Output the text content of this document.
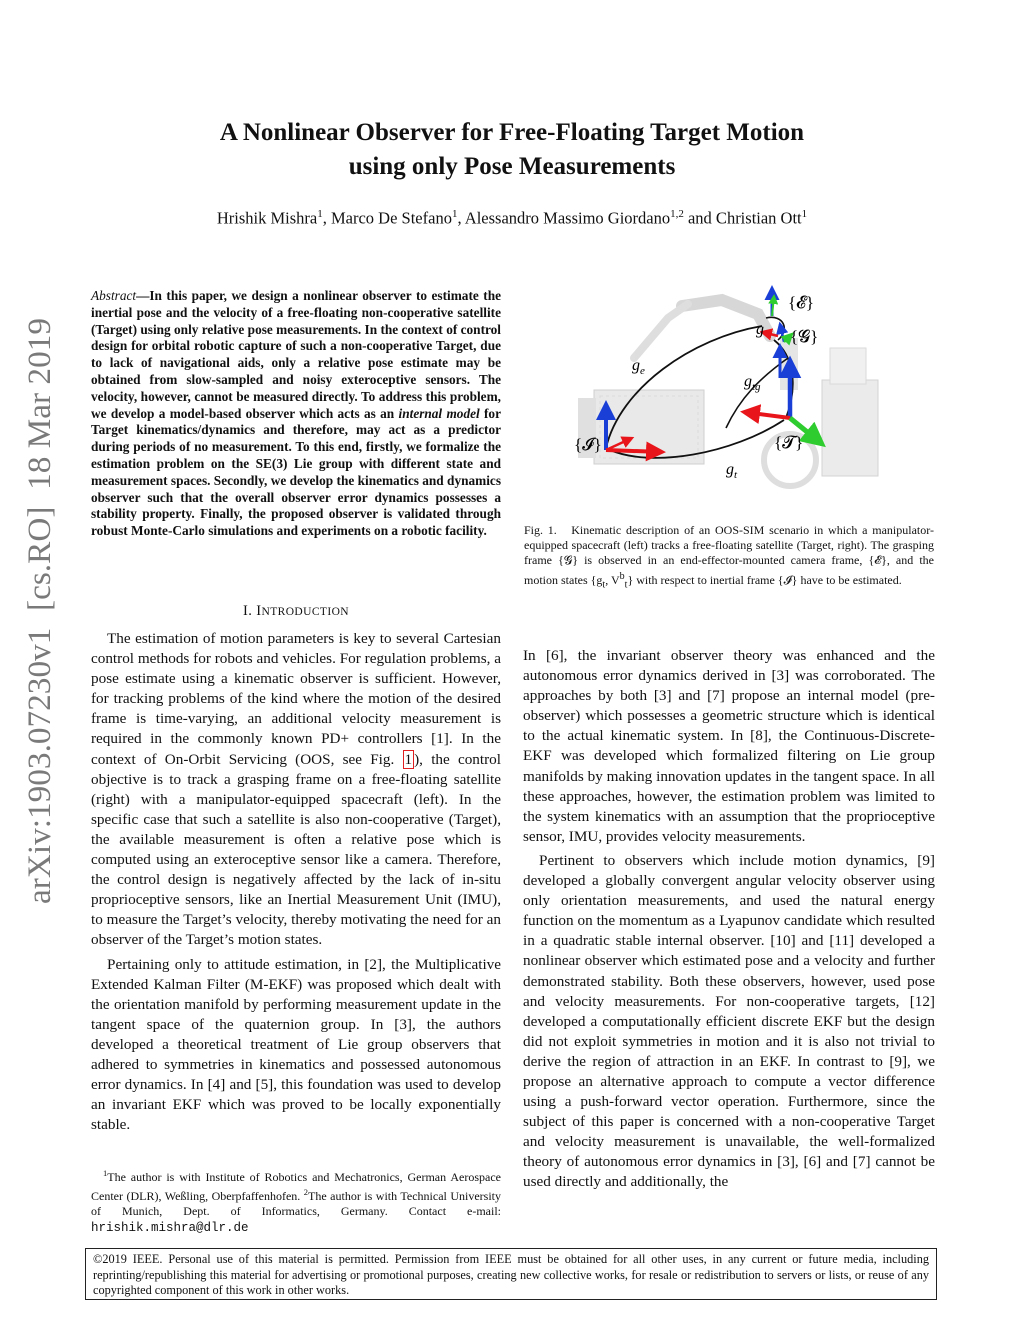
arXiv:1903.07230v1  [cs.RO]  18 Mar 2019
A Nonlinear Observer for Free-Floating Target Motion
using only Pose Measurements
Hrishik Mishra$^1$, Marco De Stefano$^1$, Alessandro Massimo Giordano$^{1,2}$ and Christian Ott$^1$
Abstract—In this paper, we design a nonlinear observer to estimate the inertial pose and the velocity of a free-floating non-cooperative satellite (Target) using only relative pose measurements. In the context of control design for orbital robotic capture of such a non-cooperative Target, due to lack of navigational aids, only a relative pose estimate may be obtained from slow-sampled and noisy exteroceptive sensors. The velocity, however, cannot be measured directly. To address this problem, we develop a model-based observer which acts as an internal model for Target kinematics/dynamics and therefore, may act as a predictor during periods of no measurement. To this end, firstly, we formalize the estimation problem on the SE(3) Lie group with different state and measurement spaces. Secondly, we develop the kinematics and dynamics observer such that the overall observer error dynamics possesses a stability property. Finally, the proposed observer is validated through robust Monte-Carlo simulations and experiments on a robotic facility.
I. INTRODUCTION

The estimation of motion parameters is key to several Cartesian control methods for robots and vehicles. For regulation problems, a pose estimate using a kinematic observer is sufficient. However, for tracking problems of the kind where the motion of the desired frame is time-varying, an additional velocity measurement is required in the commonly known PD+ controllers [1]. In the context of On-Orbit Servicing (OOS, see Fig. 1 ), the control objective is to track a grasping frame on a free-floating satellite (right) with a manipulator-equipped spacecraft (left). In the specific case that such a satellite is also non-cooperative (Target), the available measurement is often a relative pose which is computed using an exteroceptive sensor like a camera. Therefore, the control design is negatively affected by the lack of in-situ proprioceptive sensors, like an Inertial Measurement Unit (IMU), to measure the Target’s velocity, thereby motivating the need for an observer of the Target’s motion states.

Pertaining only to attitude estimation, in [2], the Multiplicative Extended Kalman Filter (M-EKF) was proposed which dealt with the orientation manifold by performing measurement update in the tangent space of the quaternion group. In [3], the authors developed a theoretical treatment of Lie group observers that adhered to symmetries in kinematics and possessed autonomous error dynamics. In [4] and [5], this foundation was used to develop an invariant EKF which was proved to be locally exponentially stable.

$^1$The author is with Institute of Robotics and Mechatronics, German Aerospace Center (DLR), Weßling, Oberpfaffenhofen. $^2$The author is with Technical University of Munich, Dept. of Informatics, Germany. Contact e-mail: hrishik.mishra@dlr.de

{𝓔}
g {𝓖}
$g_e$
$g_{tg}$
{𝓣}
{𝓘}
$g_t$
Fig. 1. Kinematic description of an OOS-SIM scenario in which a manipulator-equipped spacecraft (left) tracks a free-floating satellite (Target, right). The grasping frame {𝓖} is observed in an end-effector-mounted camera frame, {𝓔}, and the motion states {$g_t$, $V^b_t$} with respect to inertial frame {𝓘} have to be estimated.

In [6], the invariant observer theory was enhanced and the autonomous error dynamics derived in [3] was corroborated. The approaches by both [3] and [7] propose an internal model (pre-observer) which possesses a geometric structure which is identical to the actual kinematic system. In [8], the Continuous-Discrete-EKF was developed which formalized filtering on Lie group manifolds by making innovation updates in the tangent space. In all these approaches, however, the estimation problem was limited to the system kinematics with an assumption that the proprioceptive sensor, IMU, provides velocity measurements.

Pertinent to observers which include motion dynamics, [9] developed a globally convergent angular velocity observer using only orientation measurements, and used the natural energy function on the momentum as a Lyapunov candidate which resulted in a quadratic stable internal observer. [10] and [11] developed a nonlinear observer which estimated pose and a velocity and further demonstrated stability. Both these observers, however, used pose and velocity measurements. For non-cooperative targets, [12] developed a computationally efficient discrete EKF but the design did not exploit symmetries in motion and it is also not trivial to derive the region of attraction in an EKF. In contrast to [9], we propose an alternative approach to compute a vector difference using a push-forward vector operation. Furthermore, since the subject of this paper is concerned with a non-cooperative Target and velocity measurement is unavailable, the well-formalized theory of autonomous error dynamics in [3], [6] and [7] cannot be used directly and additionally, the

©2019 IEEE. Personal use of this material is permitted. Permission from IEEE must be obtained for all other uses, in any current or future media, including reprinting/republishing this material for advertising or promotional purposes, creating new collective works, for resale or redistribution to servers or lists, or reuse of any copyrighted component of this work in other works.
